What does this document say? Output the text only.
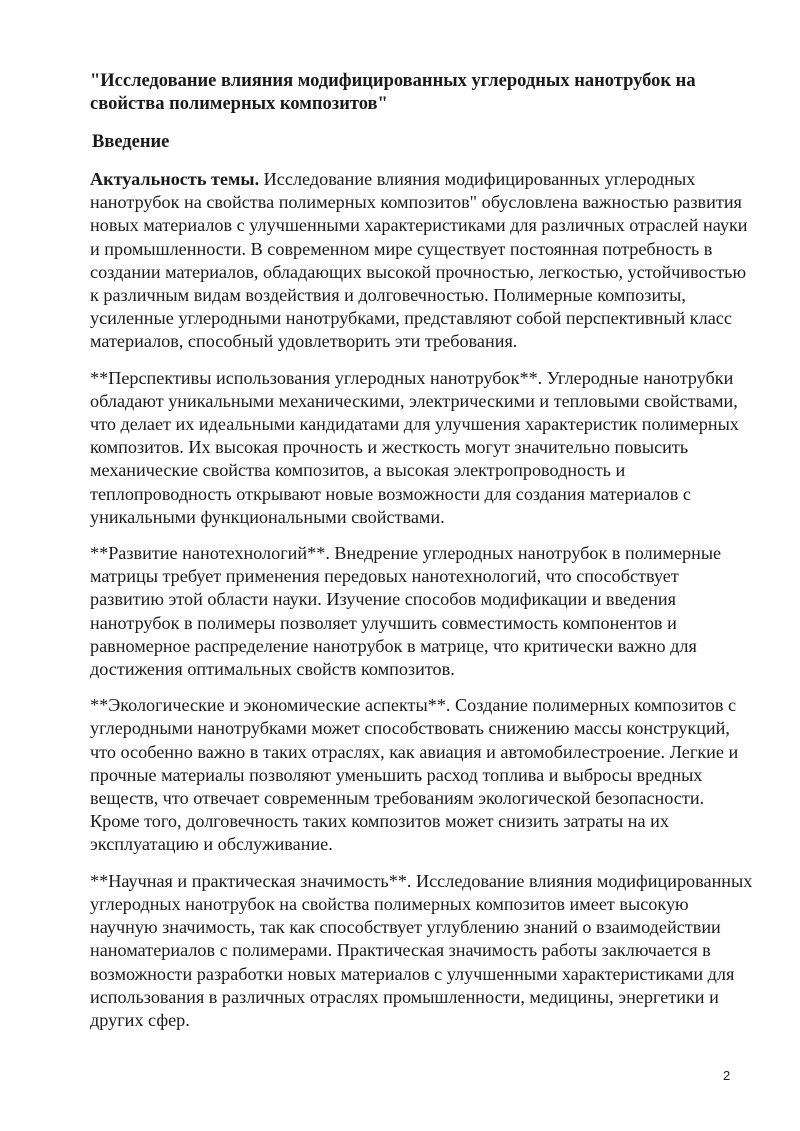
"Исследование влияния модифицированных углеродных нанотрубок на свойства полимерных композитов"
Введение

Актуальность темы. Исследование влияния модифицированных углеродных нанотрубок на свойства полимерных композитов" обусловлена важностью развития новых материалов с улучшенными характеристиками для различных отраслей науки и промышленности. В современном мире существует постоянная потребность в создании материалов, обладающих высокой прочностью, легкостью, устойчивостью к различным видам воздействия и долговечностью. Полимерные композиты, усиленные углеродными нанотрубками, представляют собой перспективный класс материалов, способный удовлетворить эти требования.

**Перспективы использования углеродных нанотрубок**. Углеродные нанотрубки обладают уникальными механическими, электрическими и тепловыми свойствами, что делает их идеальными кандидатами для улучшения характеристик полимерных композитов. Их высокая прочность и жесткость могут значительно повысить механические свойства композитов, а высокая электропроводность и теплопроводность открывают новые возможности для создания материалов с уникальными функциональными свойствами.

**Развитие нанотехнологий**. Внедрение углеродных нанотрубок в полимерные матрицы требует применения передовых нанотехнологий, что способствует развитию этой области науки. Изучение способов модификации и введения нанотрубок в полимеры позволяет улучшить совместимость компонентов и равномерное распределение нанотрубок в матрице, что критически важно для достижения оптимальных свойств композитов.

**Экологические и экономические аспекты**. Создание полимерных композитов с углеродными нанотрубками может способствовать снижению массы конструкций, что особенно важно в таких отраслях, как авиация и автомобилестроение. Легкие и прочные материалы позволяют уменьшить расход топлива и выбросы вредных веществ, что отвечает современным требованиям экологической безопасности. Кроме того, долговечность таких композитов может снизить затраты на их эксплуатацию и обслуживание.

**Научная и практическая значимость**. Исследование влияния модифицированных углеродных нанотрубок на свойства полимерных композитов имеет высокую научную значимость, так как способствует углублению знаний о взаимодействии наноматериалов с полимерами. Практическая значимость работы заключается в возможности разработки новых материалов с улучшенными характеристиками для использования в различных отраслях промышленности, медицины, энергетики и других сфер.

2
